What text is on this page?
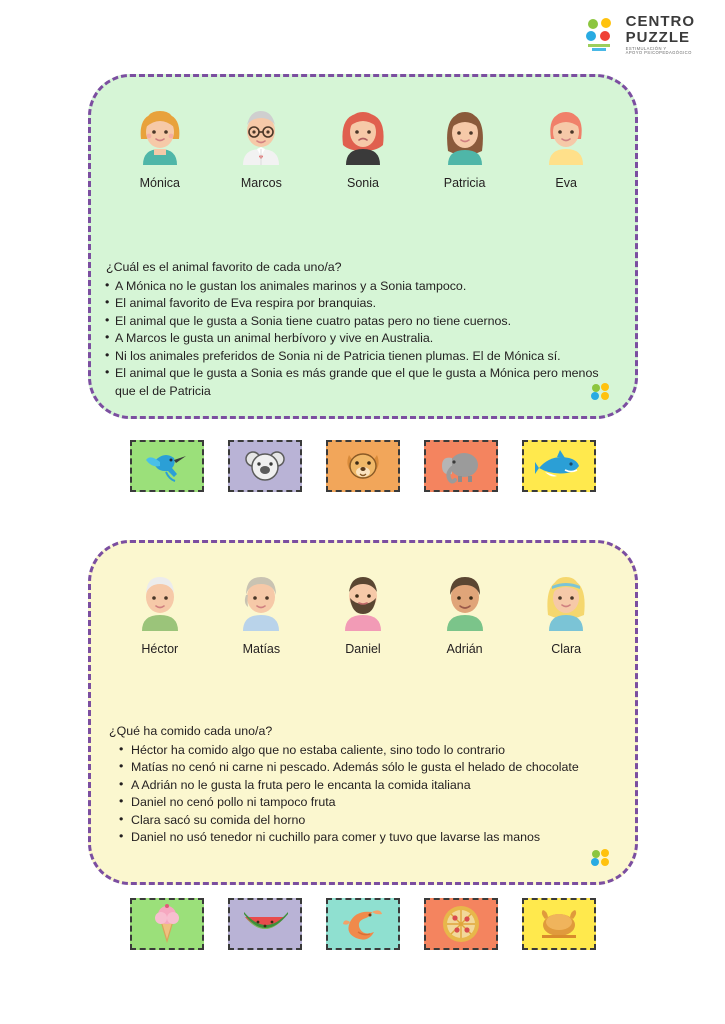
CENTRO
PUZZLE
ESTIMULACIÓN Y
APOYO PSICOPEDAGÓGICO
Mónica	Marcos	Sonia	Patricia	Eva

¿Cuál es el animal favorito de cada uno/a?

• A Mónica no le gustan los animales marinos y a Sonia tampoco.
• El animal favorito de Eva respira por branquias.
• El animal que le gusta a Sonia tiene cuatro patas pero no tiene cuernos.
• A Marcos le gusta un animal herbívoro y vive en Australia.
• Ni los animales preferidos de Sonia ni de Patricia tienen plumas. El de Mónica sí.
• El animal que le gusta a Sonia es más grande que el que le gusta a Mónica pero menos que el de Patricia
Héctor	Matías	Daniel	Adrián	Clara

¿Qué ha comido cada uno/a?

• Héctor ha comido algo que no estaba caliente, sino todo lo contrario
• Matías no cenó ni carne ni pescado. Además sólo le gusta el helado de chocolate
• A Adrián no le gusta la fruta pero le encanta la comida italiana
• Daniel no cenó pollo ni tampoco fruta
• Clara sacó su comida del horno
• Daniel no usó tenedor ni cuchillo para comer y tuvo que lavarse las manos
